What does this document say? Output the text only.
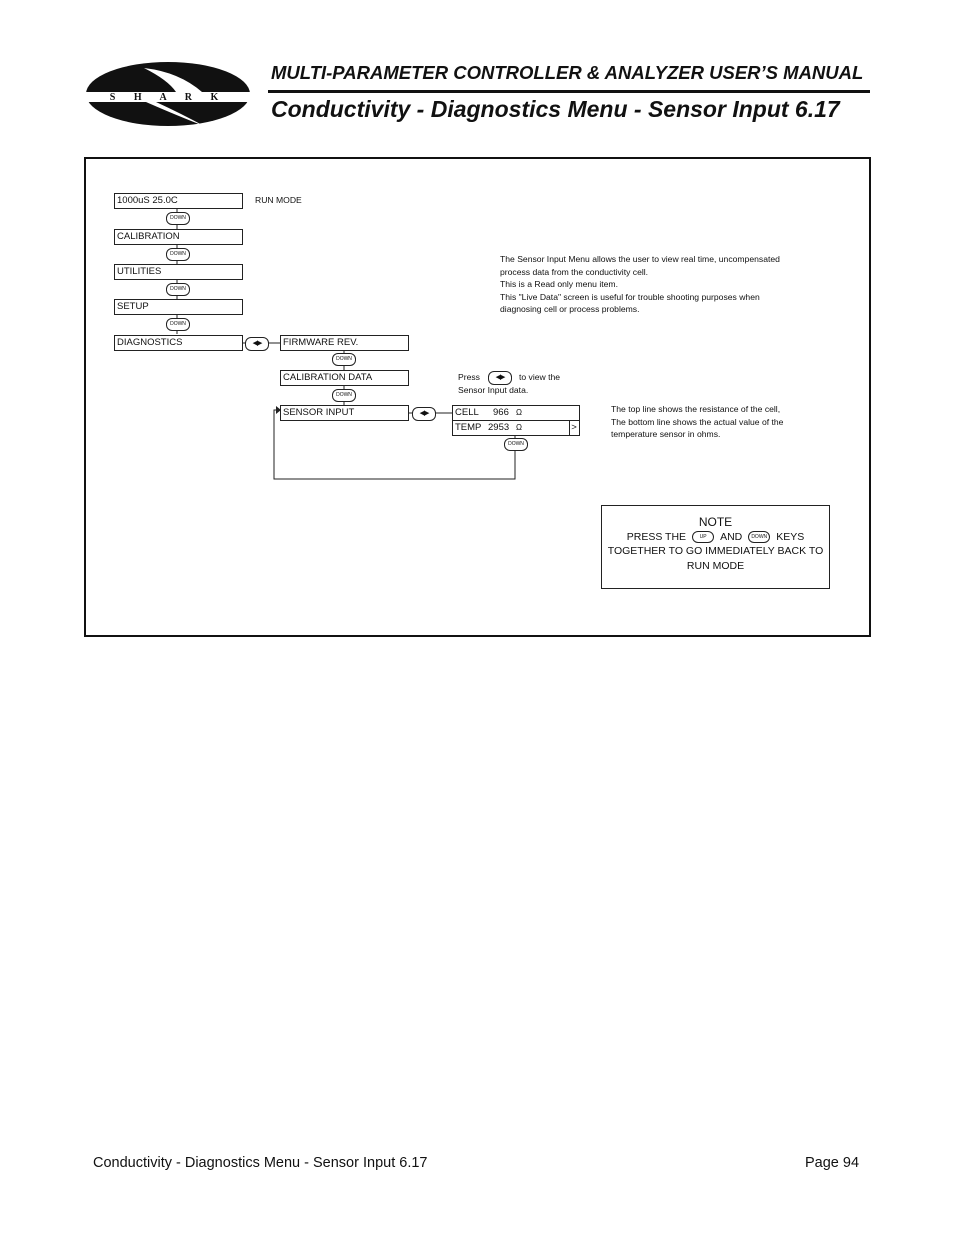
S H A R K
MULTI-PARAMETER CONTROLLER & ANALYZER USER’S MANUAL
Conductivity - Diagnostics Menu - Sensor Input 6.17
1000uS 25.0C	RUN MODE
DOWN
CALIBRATION
DOWN
UTILITIES
DOWN
SETUP
DOWN
DIAGNOSTICS	◀▶	FIRMWARE REV.
DOWN
CALIBRATION DATA
DOWN
SENSOR INPUT	◀▶	CELL 966 Ω
TEMP 2953 Ω	>
DOWN
Press	◀▶	to view the
Sensor Input data.
The Sensor Input Menu allows the user to view real time, uncompensated
process data from the conductivity cell.
This is a Read only menu item.
This "Live Data" screen is useful for trouble shooting purposes when
diagnosing cell or process problems.
The top line shows the resistance of the cell,
The bottom line shows the actual value of the
temperature sensor in ohms.
NOTE
PRESS THE	UP AND DOWN KEYS
TOGETHER TO GO IMMEDIATELY BACK TO
RUN MODE
Conductivity - Diagnostics Menu - Sensor Input 6.17	Page 94
